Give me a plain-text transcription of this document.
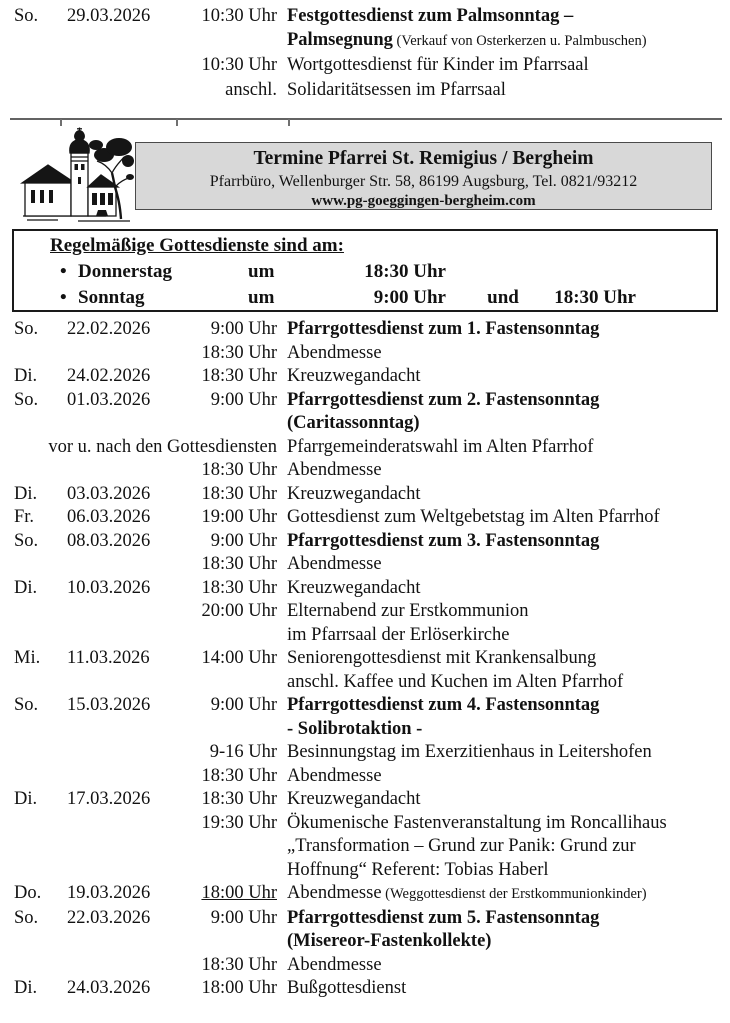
So.	29.03.2026	10:30 Uhr Festgottesdienst zum Palmsonntag –
Palmsegnung (Verkauf von Osterkerzen u. Palmbuschen)
10:30 Uhr Wortgottesdienst für Kinder im Pfarrsaal
anschl. Solidaritätsessen im Pfarrsaal
Termine Pfarrei St. Remigius / Bergheim
Pfarrbüro, Wellenburger Str. 58, 86199 Augsburg, Tel. 0821/93212
www.pg-goeggingen-bergheim.com
Regelmäßige Gottesdienste sind am:
• Donnerstag	um	18:30 Uhr
• Sonntag	um	9:00 Uhr	und	18:30 Uhr
So.	22.02.2026	9:00 Uhr Pfarrgottesdienst zum 1. Fastensonntag
18:30 Uhr Abendmesse
Di.	24.02.2026	18:30 Uhr Kreuzwegandacht
So.	01.03.2026	9:00 Uhr Pfarrgottesdienst zum 2. Fastensonntag
(Caritassonntag)
vor u. nach den Gottesdiensten Pfarrgemeinderatswahl im Alten Pfarrhof
18:30 Uhr Abendmesse
Di.	03.03.2026	18:30 Uhr Kreuzwegandacht
Fr.	06.03.2026	19:00 Uhr Gottesdienst zum Weltgebetstag im Alten Pfarrhof
So.	08.03.2026	9:00 Uhr Pfarrgottesdienst zum 3. Fastensonntag
18:30 Uhr Abendmesse
Di.	10.03.2026	18:30 Uhr Kreuzwegandacht
20:00 Uhr Elternabend zur Erstkommunion
im Pfarrsaal der Erlöserkirche
Mi.	11.03.2026	14:00 Uhr Seniorengottesdienst mit Krankensalbung
anschl. Kaffee und Kuchen im Alten Pfarrhof
So.	15.03.2026	9:00 Uhr Pfarrgottesdienst zum 4. Fastensonntag
- Solibrotaktion -
9-16 Uhr Besinnungstag im Exerzitienhaus in Leitershofen
18:30 Uhr Abendmesse
Di.	17.03.2026	18:30 Uhr Kreuzwegandacht
19:30 Uhr Ökumenische Fastenveranstaltung im Roncallihaus
„Transformation – Grund zur Panik: Grund zur
Hoffnung“ Referent: Tobias Haberl
Do.	19.03.2026	18:00 Uhr Abendmesse (Weggottesdienst der Erstkommunionkinder)
So.	22.03.2026	9:00 Uhr Pfarrgottesdienst zum 5. Fastensonntag
(Misereor-Fastenkollekte)
18:30 Uhr Abendmesse
Di.	24.03.2026	18:00 Uhr Bußgottesdienst
